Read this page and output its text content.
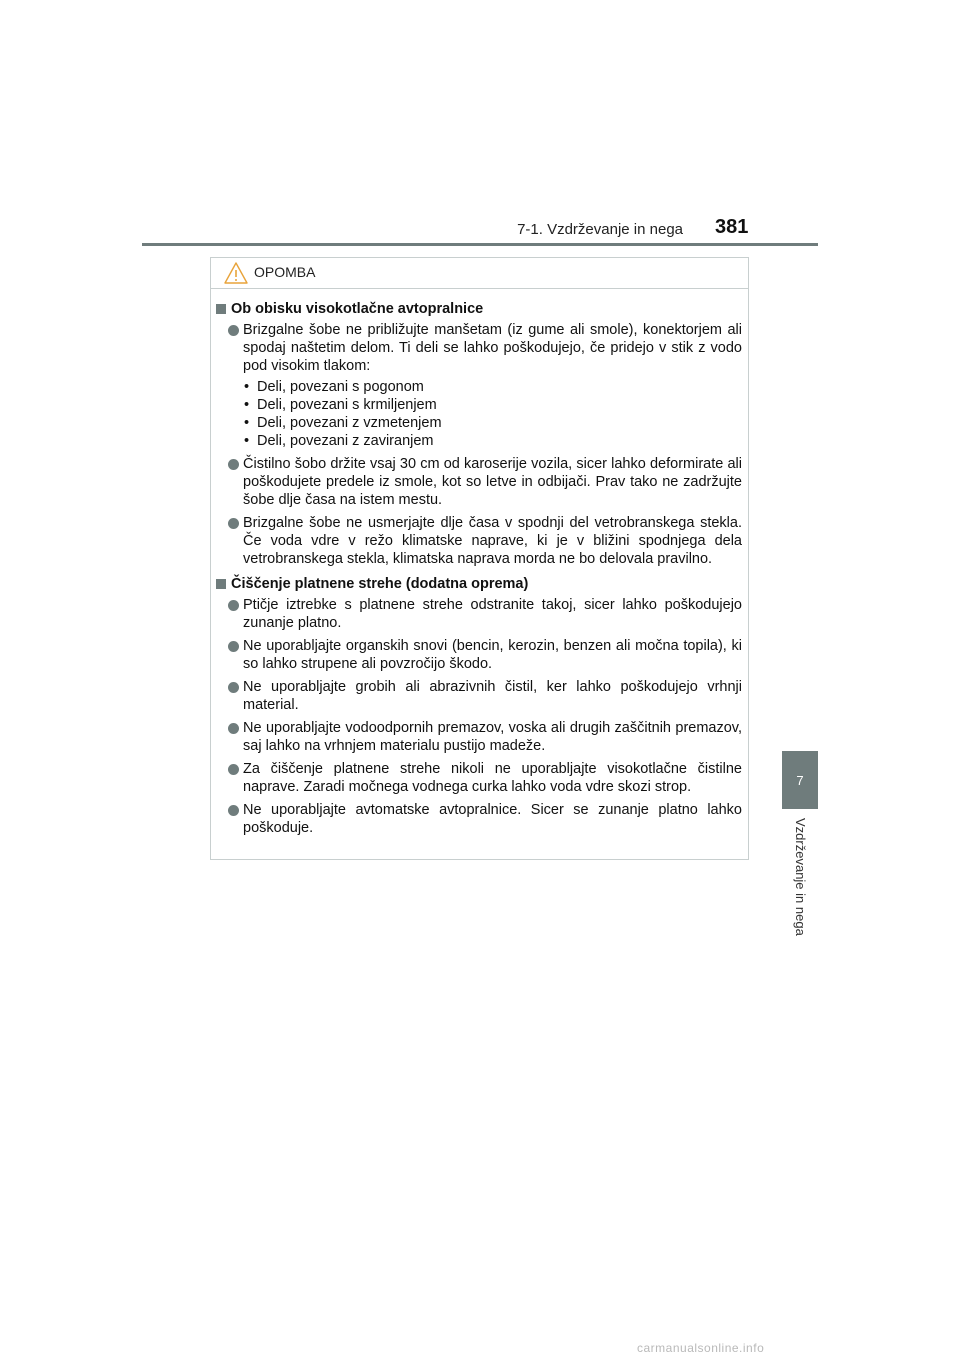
7-1. Vzdrževanje in nega 381
7
Vzdrževanje in nega
OPOMBA
Ob obisku visokotlačne avtopralnice
Brizgalne šobe ne približujte manšetam (iz gume ali smole), konektorjem ali spodaj naštetim delom. Ti deli se lahko poškodujejo, če pridejo v stik z vodo pod visokim tlakom:
• Deli, povezani s pogonom
• Deli, povezani s krmiljenjem
• Deli, povezani z vzmetenjem
• Deli, povezani z zaviranjem
Čistilno šobo držite vsaj 30 cm od karoserije vozila, sicer lahko deformirate ali poškodujete predele iz smole, kot so letve in odbijači. Prav tako ne zadržujte šobe dlje časa na istem mestu.
Brizgalne šobe ne usmerjajte dlje časa v spodnji del vetrobranskega stekla. Če voda vdre v režo klimatske naprave, ki je v bližini spodnjega dela vetrobranskega stekla, klimatska naprava morda ne bo delovala pravilno.
Čiščenje platnene strehe (dodatna oprema)
Ptičje iztrebke s platnene strehe odstranite takoj, sicer lahko poškodujejo zunanje platno.
Ne uporabljajte organskih snovi (bencin, kerozin, benzen ali močna topila), ki so lahko strupene ali povzročijo škodo.
Ne uporabljajte grobih ali abrazivnih čistil, ker lahko poškodujejo vrhnji material.
Ne uporabljajte vodoodpornih premazov, voska ali drugih zaščitnih premazov, saj lahko na vrhnjem materialu pustijo madeže.
Za čiščenje platnene strehe nikoli ne uporabljajte visokotlačne čistilne naprave. Zaradi močnega vodnega curka lahko voda vdre skozi strop.
Ne uporabljajte avtomatske avtopralnice. Sicer se zunanje platno lahko poškoduje.
carmanualsonline.info
